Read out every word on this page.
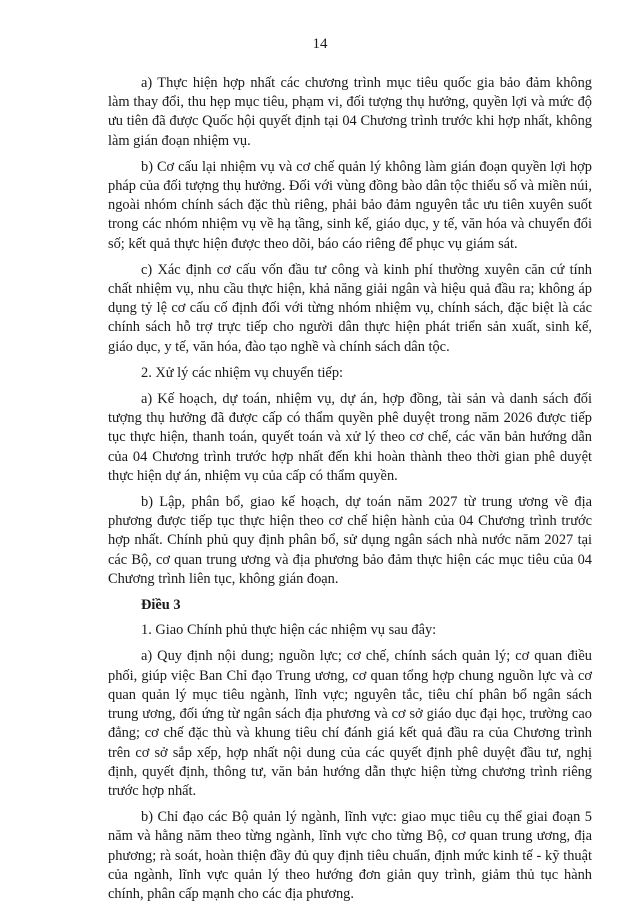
14

a) Thực hiện hợp nhất các chương trình mục tiêu quốc gia bảo đảm không làm thay đổi, thu hẹp mục tiêu, phạm vi, đối tượng thụ hưởng, quyền lợi và mức độ ưu tiên đã được Quốc hội quyết định tại 04 Chương trình trước khi hợp nhất, không làm gián đoạn nhiệm vụ.

b) Cơ cấu lại nhiệm vụ và cơ chế quản lý không làm gián đoạn quyền lợi hợp pháp của đối tượng thụ hưởng. Đối với vùng đồng bào dân tộc thiểu số và miền núi, ngoài nhóm chính sách đặc thù riêng, phải bảo đảm nguyên tắc ưu tiên xuyên suốt trong các nhóm nhiệm vụ về hạ tầng, sinh kế, giáo dục, y tế, văn hóa và chuyển đổi số; kết quả thực hiện được theo dõi, báo cáo riêng để phục vụ giám sát.

c) Xác định cơ cấu vốn đầu tư công và kinh phí thường xuyên căn cứ tính chất nhiệm vụ, nhu cầu thực hiện, khả năng giải ngân và hiệu quả đầu ra; không áp dụng tỷ lệ cơ cấu cố định đối với từng nhóm nhiệm vụ, chính sách, đặc biệt là các chính sách hỗ trợ trực tiếp cho người dân thực hiện phát triển sản xuất, sinh kế, giáo dục, y tế, văn hóa, đào tạo nghề và chính sách dân tộc.

2. Xử lý các nhiệm vụ chuyển tiếp:

a) Kế hoạch, dự toán, nhiệm vụ, dự án, hợp đồng, tài sản và danh sách đối tượng thụ hưởng đã được cấp có thẩm quyền phê duyệt trong năm 2026 được tiếp tục thực hiện, thanh toán, quyết toán và xử lý theo cơ chế, các văn bản hướng dẫn của 04 Chương trình trước hợp nhất đến khi hoàn thành theo thời gian phê duyệt thực hiện dự án, nhiệm vụ của cấp có thẩm quyền.

b) Lập, phân bổ, giao kế hoạch, dự toán năm 2027 từ trung ương về địa phương được tiếp tục thực hiện theo cơ chế hiện hành của 04 Chương trình trước hợp nhất. Chính phủ quy định phân bổ, sử dụng ngân sách nhà nước năm 2027 tại các Bộ, cơ quan trung ương và địa phương bảo đảm thực hiện các mục tiêu của 04 Chương trình liên tục, không gián đoạn.

Điều 3

1. Giao Chính phủ thực hiện các nhiệm vụ sau đây:

a) Quy định nội dung; nguồn lực; cơ chế, chính sách quản lý; cơ quan điều phối, giúp việc Ban Chỉ đạo Trung ương, cơ quan tổng hợp chung nguồn lực và cơ quan quản lý mục tiêu ngành, lĩnh vực; nguyên tắc, tiêu chí phân bổ ngân sách trung ương, đối ứng từ ngân sách địa phương và cơ sở giáo dục đại học, trường cao đẳng; cơ chế đặc thù và khung tiêu chí đánh giá kết quả đầu ra của Chương trình trên cơ sở sắp xếp, hợp nhất nội dung của các quyết định phê duyệt đầu tư, nghị định, quyết định, thông tư, văn bản hướng dẫn thực hiện từng chương trình riêng trước hợp nhất.

b) Chỉ đạo các Bộ quản lý ngành, lĩnh vực: giao mục tiêu cụ thể giai đoạn 5 năm và hằng năm theo từng ngành, lĩnh vực cho từng Bộ, cơ quan trung ương, địa phương; rà soát, hoàn thiện đầy đủ quy định tiêu chuẩn, định mức kinh tế - kỹ thuật của ngành, lĩnh vực quản lý theo hướng đơn giản quy trình, giảm thủ tục hành chính, phân cấp mạnh cho các địa phương.
